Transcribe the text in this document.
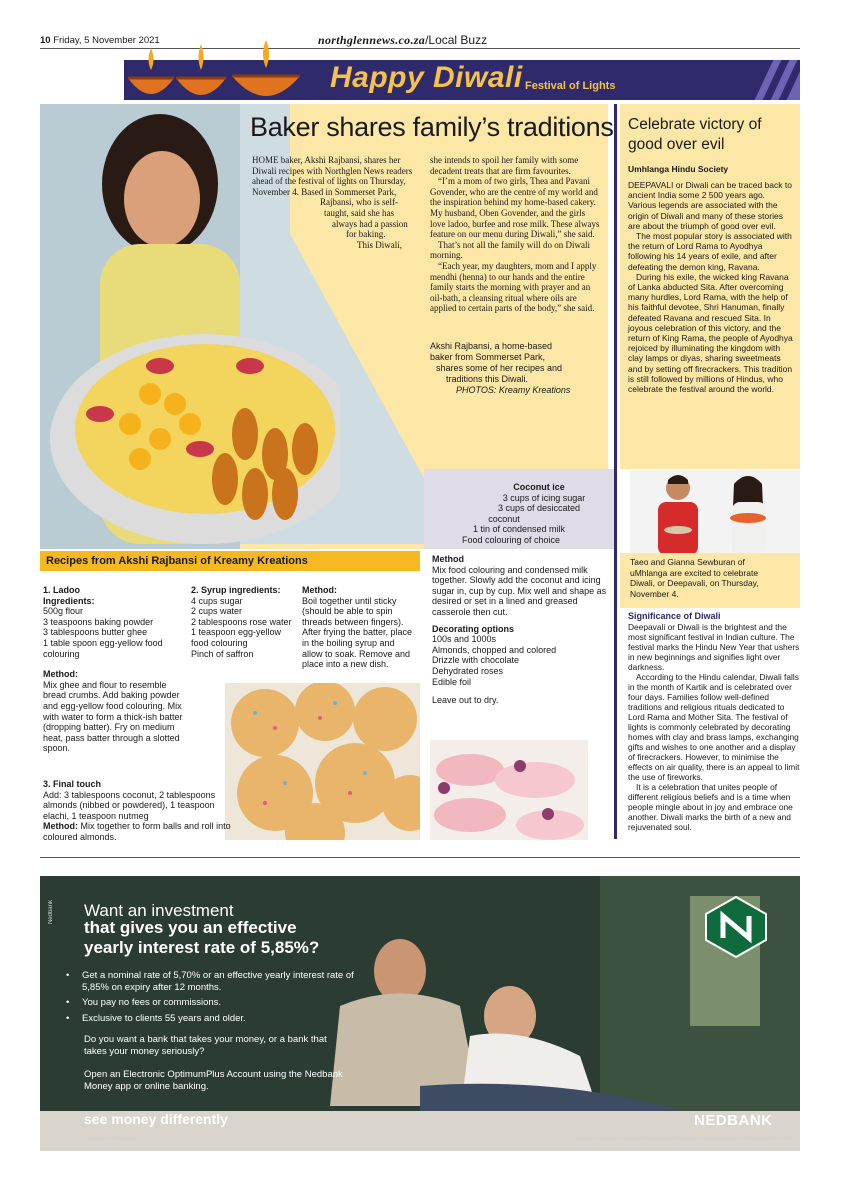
10 Friday, 5 November 2021	northglennews.co.za/Local Buzz
Happy Diwali Festival of Lights
Baker shares family’s traditions
HOME baker, Akshi Rajbansi, shares her Diwali recipes with Northglen News readers ahead of the festival of lights on Thursday, November 4. Based in Sommerset Park,
Rajbansi, who is self-
taught, said she has
always had a passion
for baking.
This Diwali,
she intends to spoil her family with some decadent treats that are firm favourites.
“I’m a mom of two girls, Thea and Pavani Govender, who are the centre of my world and the inspiration behind my home-based cakery. My husband, Oben Govender, and the girls love ladoo, burfee and rose milk. These always feature on our menu during Diwali,” she said.
That’s not all the family will do on Diwali morning.
“Each year, my daughters, mom and I apply mendhi (henna) to our hands and the entire family starts the morning with prayer and an oil-bath, a cleansing ritual where oils are applied to certain parts of the body,” she said.
Akshi Rajbansi, a home-based
baker from Sommerset Park,
shares some of her recipes and
traditions this Diwali.
PHOTOS: Kreamy Kreations
Celebrate victory of
good over evil
Umhlanga Hindu Society

DEEPAVALI or Diwali can be traced back to ancient India some 2 500 years ago. Various legends are associated with the origin of Diwali and many of these stories are about the triumph of good over evil.

The most popular story is associated with the return of Lord Rama to Ayodhya following his 14 years of exile, and after defeating the demon king, Ravana.

During his exile, the wicked king Ravana of Lanka abducted Sita. After overcoming many hurdles, Lord Rama, with the help of his faithful devotee, Shri Hanuman, finally defeated Ravana and rescued Sita. In joyous celebration of this victory, and the return of King Rama, the people of Ayodhya rejoiced by illuminating the kingdom with clay lamps or diyas, sharing sweetmeats and by setting off firecrackers. This tradition is still followed by millions of Hindus, who celebrate the festival around the world.

Taeo and Gianna Sewburan of uMhlanga are excited to celebrate Diwali, or Deepavali, on Thursday, November 4.
Significance of Diwali

Deepavali or Diwali is the brightest and the most significant festival in Indian culture. The festival marks the Hindu New Year that ushers in new beginnings and signifies light over darkness.

According to the Hindu calendar, Diwali falls in the month of Kartik and is celebrated over four days. Families follow well-defined traditions and religious rituals dedicated to Lord Rama and Mother Sita. The festival of lights is commonly celebrated by decorating homes with clay and brass lamps, exchanging gifts and wishes to one another and a display of firecrackers. However, to minimise the effects on air quality, there is an appeal to limit the use of fireworks.

It is a celebration that unites people of different religious beliefs and is a time when people mingle about in joy and embrace one another. Diwali marks the birth of a new and rejuvenated soul.

Coconut ice
3 cups of icing sugar
3 cups of desiccated
coconut
1 tin of condensed milk
Food colouring of choice
Recipes from Akshi Rajbansi of Kreamy Kreations
1. Ladoo
Ingredients:
500g flour
3 teaspoons baking powder
3 tablespoons butter ghee
1 table spoon egg-yellow food colouring
Method:
Mix ghee and flour to resemble bread crumbs. Add baking powder and egg-yellow food colouring. Mix with water to form a thick-ish batter (dropping batter). Fry on medium heat, pass batter through a slotted spoon.
2. Syrup ingredients:
4 cups sugar
2 cups water
2 tablespoons rose water
1 teaspoon egg-yellow food colouring
Pinch of saffron
Method:
Boil together until sticky (should be able to spin threads between fingers). After frying the batter, place in the boiling syrup and allow to soak. Remove and place into a new dish.
Method
Mix food colouring and condensed milk together. Slowly add the coconut and icing sugar in, cup by cup. Mix well and shape as desired or set in a lined and greased casserole then cut.
Decorating options
100s and 1000s
Almonds, chopped and colored
Drizzle with chocolate
Dehydrated roses
Edible foil
Leave out to dry.
3. Final touch
Add: 3 tablespoons coconut, 2 tablespoons almonds (nibbed or powdered), 1 teaspoon elachi, 1 teaspoon nutmeg
Method: Mix together to form balls and roll into coloured almonds.
Nedbank Want an investment
that gives you an effective
yearly interest rate of 5,85%?
• Get a nominal rate of 5,70% or an effective yearly interest rate of 5,85% on expiry after 12 months.
• You pay no fees or commissions.
• Exclusive to clients 55 years and older.
Do you want a bank that takes your money, or a bank that takes your money seriously?
Open an Electronic OptimumPlus Account using the Nedbank Money app or online banking.
see money differently
Terms and conditions apply.	Nedbank Ltd Reg No 1951/000009/06. Licensed financial services and registered credit provider (NCRCP16).
NEDBANK
